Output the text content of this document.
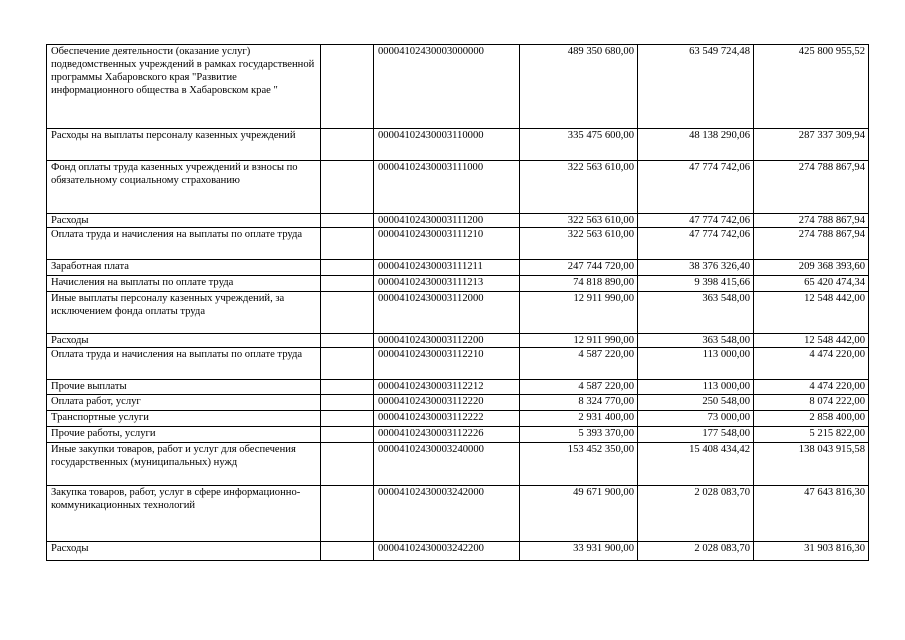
Обеспечение деятельности (оказание услуг) подведомственных учреждений в рамках государственной программы Хабаровского края "Развитие информационного общества в Хабаровском крае "		00004102430003000000	489 350 680,00	63 549 724,48	425 800 955,52
Расходы на выплаты персоналу казенных учреждений		00004102430003110000	335 475 600,00	48 138 290,06	287 337 309,94
Фонд оплаты труда казенных учреждений и взносы по обязательному социальному страхованию		00004102430003111000	322 563 610,00	47 774 742,06	274 788 867,94
Расходы		00004102430003111200	322 563 610,00	47 774 742,06	274 788 867,94
Оплата труда и начисления на выплаты по оплате труда		00004102430003111210	322 563 610,00	47 774 742,06	274 788 867,94
Заработная плата		00004102430003111211	247 744 720,00	38 376 326,40	209 368 393,60
Начисления на выплаты по оплате труда		00004102430003111213	74 818 890,00	9 398 415,66	65 420 474,34
Иные выплаты персоналу казенных учреждений, за исключением фонда оплаты труда		00004102430003112000	12 911 990,00	363 548,00	12 548 442,00
Расходы		00004102430003112200	12 911 990,00	363 548,00	12 548 442,00
Оплата труда и начисления на выплаты по оплате труда		00004102430003112210	4 587 220,00	113 000,00	4 474 220,00
Прочие выплаты		00004102430003112212	4 587 220,00	113 000,00	4 474 220,00
Оплата работ, услуг		00004102430003112220	8 324 770,00	250 548,00	8 074 222,00
Транспортные услуги		00004102430003112222	2 931 400,00	73 000,00	2 858 400,00
Прочие работы, услуги		00004102430003112226	5 393 370,00	177 548,00	5 215 822,00
Иные закупки товаров, работ и услуг для обеспечения государственных (муниципальных) нужд		00004102430003240000	153 452 350,00	15 408 434,42	138 043 915,58
Закупка товаров, работ, услуг в сфере информационно-коммуникационных технологий		00004102430003242000	49 671 900,00	2 028 083,70	47 643 816,30
Расходы		00004102430003242200	33 931 900,00	2 028 083,70	31 903 816,30
